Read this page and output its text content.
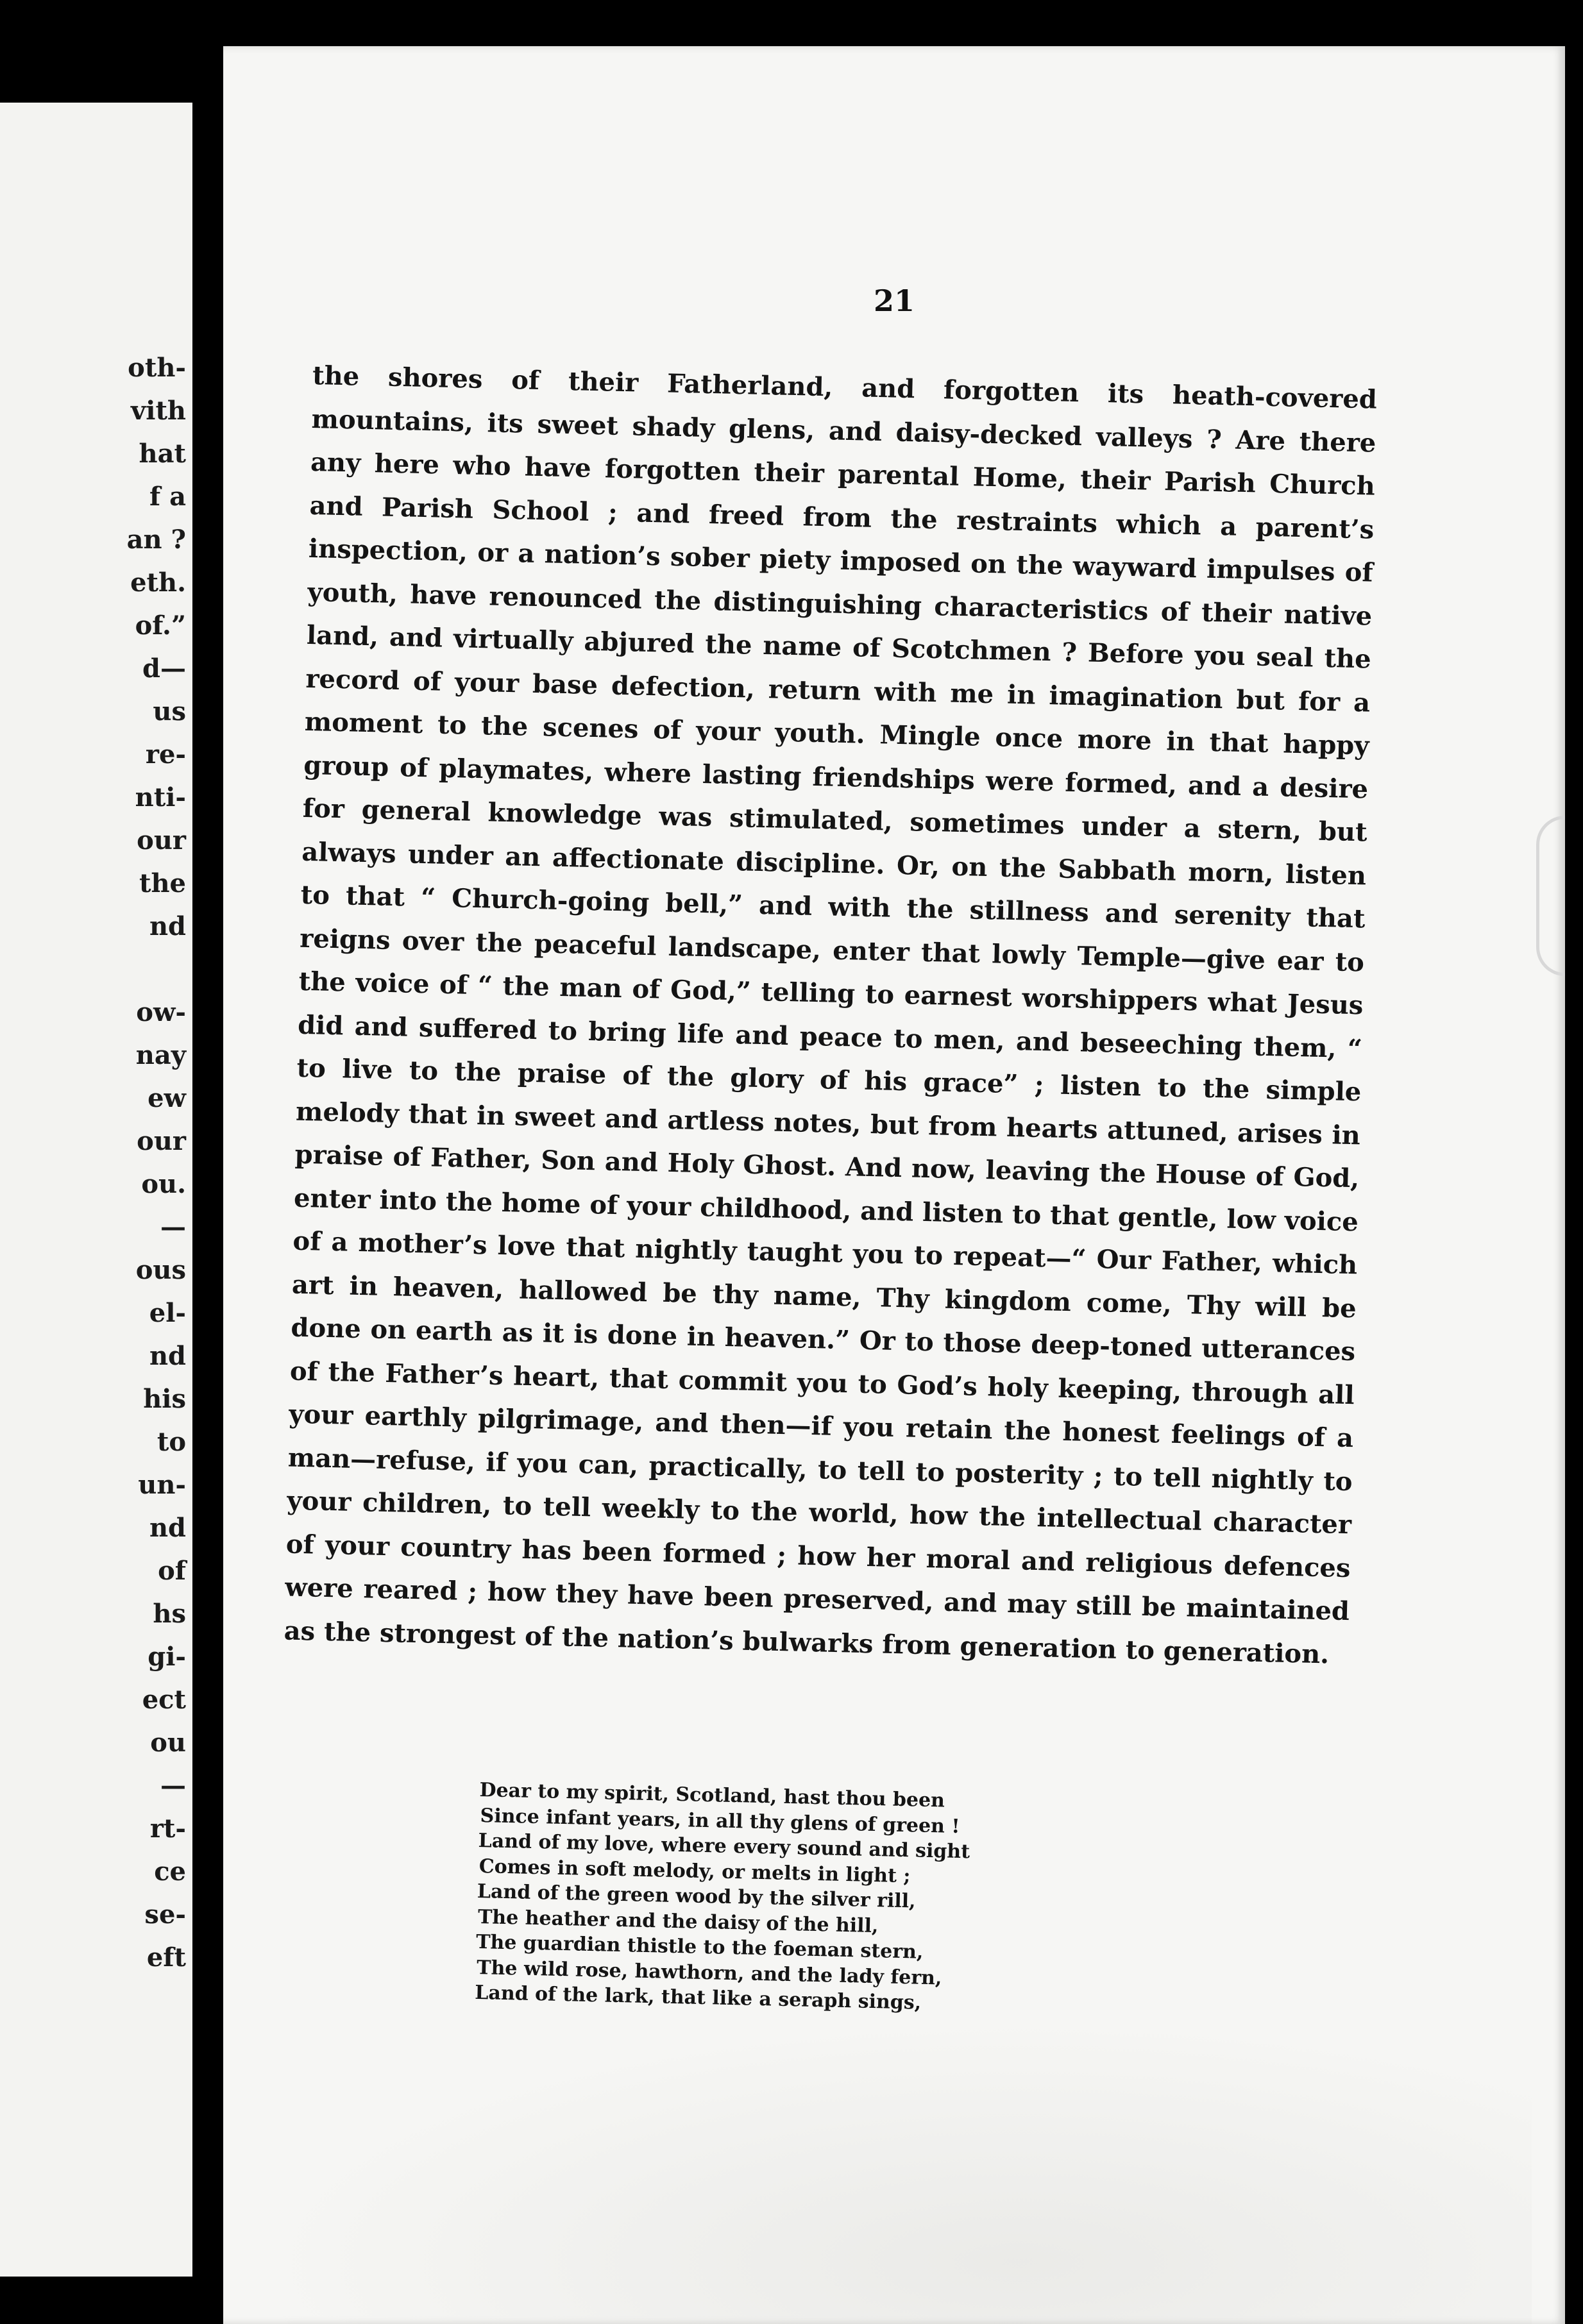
oth-
vith
hat
f a
an ?
eth.
of.”
d—
us
re-
nti-
our
the
nd
ow-
nay
ew
our
ou.
—
ous
el-
nd
his
to
un-
nd
of
hs
gi-
ect
ou
—
rt-
ce
se-
eft
21

the shores of their Fatherland, and forgotten its heath-covered mountains, its sweet shady glens, and daisy-decked valleys ? Are there any here who have forgotten their parental Home, their Parish Church and Parish School ; and freed from the restraints which a parent’s inspection, or a nation’s sober piety imposed on the wayward impulses of youth, have renounced the distinguishing characteristics of their native land, and virtually abjured the name of Scotchmen ? Before you seal the record of your base defection, return with me in imagination but for a moment to the scenes of your youth. Mingle once more in that happy group of playmates, where lasting friendships were formed, and a desire for general knowledge was stimulated, sometimes under a stern, but always under an affectionate discipline. Or, on the Sabbath morn, listen to that “ Church-going bell,” and with the stillness and serenity that reigns over the peaceful landscape, enter that lowly Temple—give ear to the voice of “ the man of God,” telling to earnest worshippers what Jesus did and suffered to bring life and peace to men, and beseeching them, “ to live to the praise of the glory of his grace” ; listen to the simple melody that in sweet and artless notes, but from hearts attuned, arises in praise of Father, Son and Holy Ghost. And now, leaving the House of God, enter into the home of your childhood, and listen to that gentle, low voice of a mother’s love that nightly taught you to repeat—“ Our Father, which art in heaven, hallowed be thy name, Thy kingdom come, Thy will be done on earth as it is done in heaven.” Or to those deep-toned utterances of the Father’s heart, that commit you to God’s holy keeping, through all your earthly pilgrimage, and then—if you retain the honest feelings of a man—refuse, if you can, practically, to tell to posterity ; to tell nightly to your children, to tell weekly to the world, how the intellectual character of your country has been formed ; how her moral and religious defences were reared ; how they have been preserved, and may still be maintained as the strongest of the nation’s bulwarks from generation to generation.

Dear to my spirit, Scotland, hast thou been
Since infant years, in all thy glens of green !
Land of my love, where every sound and sight
Comes in soft melody, or melts in light ;
Land of the green wood by the silver rill,
The heather and the daisy of the hill,
The guardian thistle to the foeman stern,
The wild rose, hawthorn, and the lady fern,
Land of the lark, that like a seraph sings,
